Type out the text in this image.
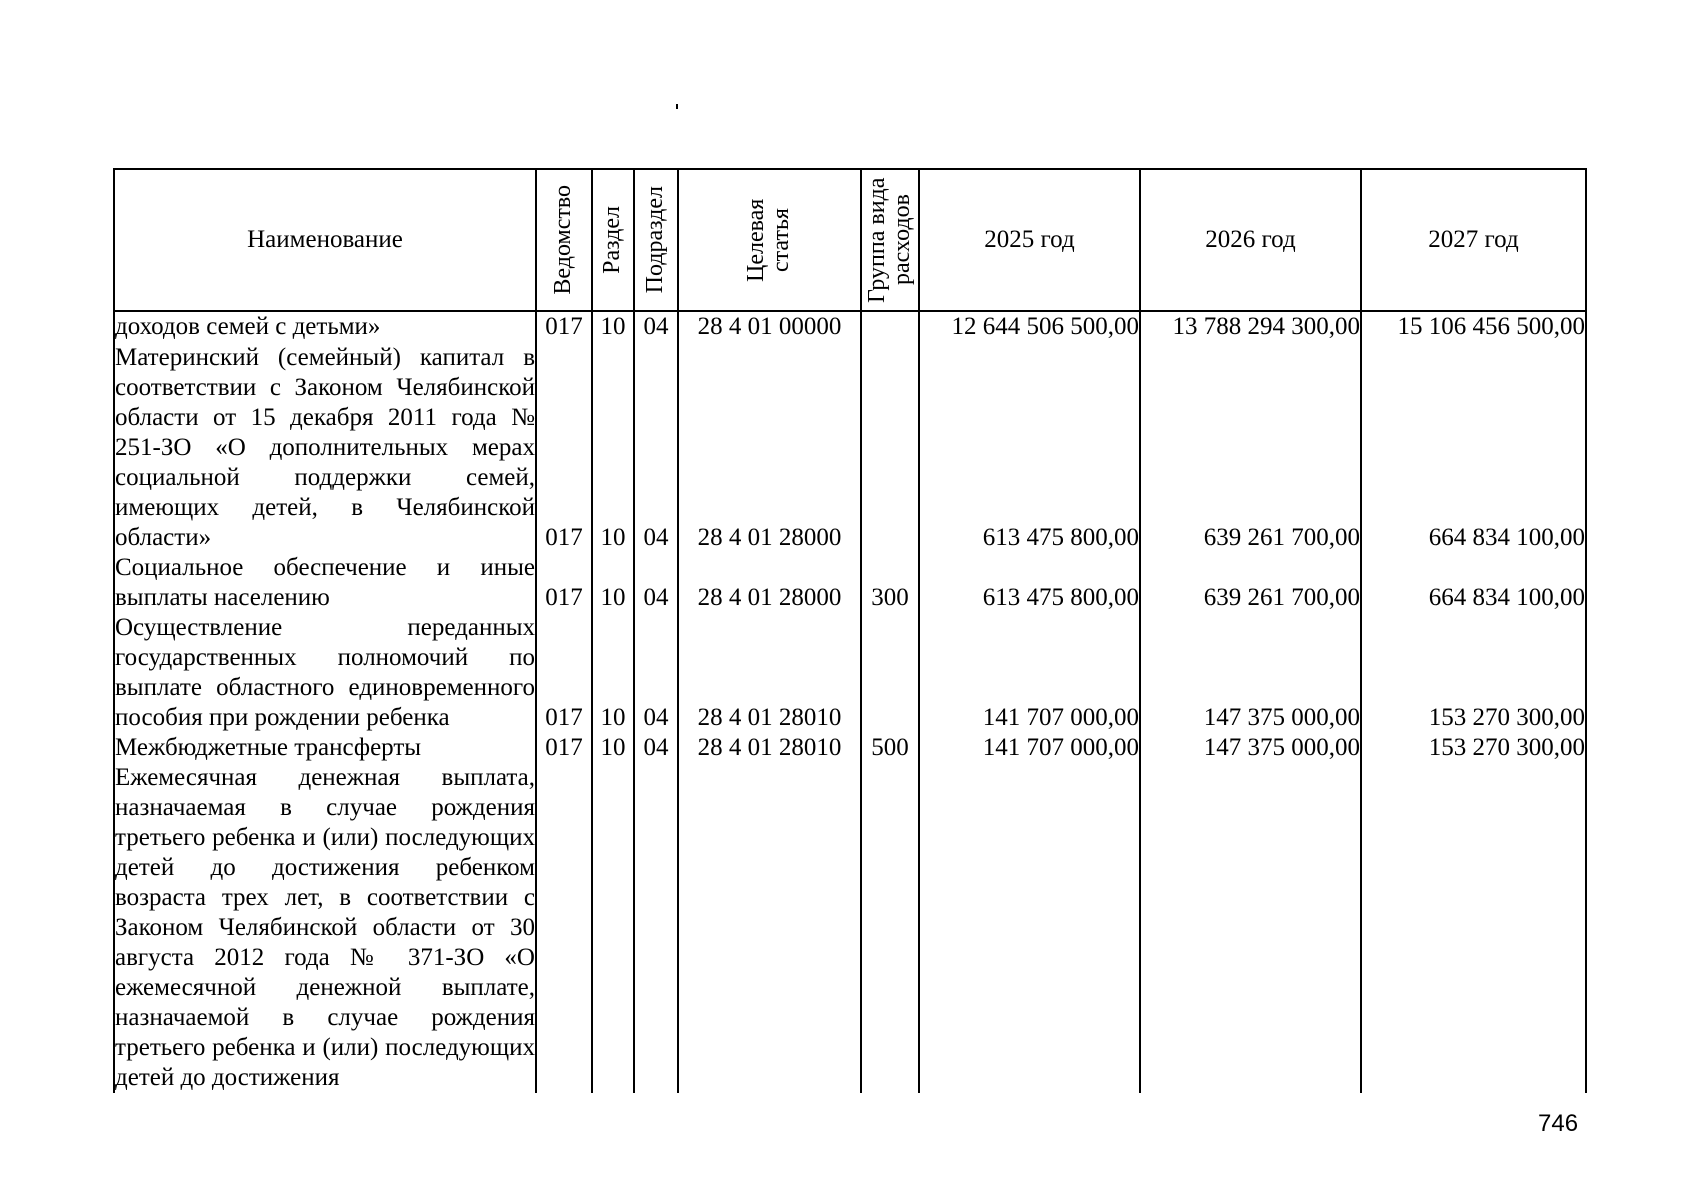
Наименование	Ведомство	Раздел	Подраздел	Целевая статья	Группа вида расходов	2025 год	2026 год	2027 год
доходов семей с детьми»	017	10	04	28 4 01 00000		12 644 506 500,00	13 788 294 300,00	15 106 456 500,00
Материнский (семейный) капитал в соответствии с Законом Челябинской области от 15 декабря 2011 года № 251-ЗО «О дополнительных мерах социальной поддержки семей, имеющих детей, в Челябинской области»	017	10	04	28 4 01 28000		613 475 800,00	639 261 700,00	664 834 100,00
Социальное обеспечение и иные выплаты населению	017	10	04	28 4 01 28000	300	613 475 800,00	639 261 700,00	664 834 100,00
Осуществление переданных государственных полномочий по выплате областного единовременного пособия при рождении ребенка	017	10	04	28 4 01 28010		141 707 000,00	147 375 000,00	153 270 300,00
Межбюджетные трансферты	017	10	04	28 4 01 28010	500	141 707 000,00	147 375 000,00	153 270 300,00
Ежемесячная денежная выплата, назначаемая в случае рождения третьего ребенка и (или) последующих детей до достижения ребенком возраста трех лет, в соответствии с Законом Челябинской области от 30 августа 2012 года № 371-ЗО «О ежемесячной денежной выплате, назначаемой в случае рождения третьего ребенка и (или) последующих детей до достижения								
746
